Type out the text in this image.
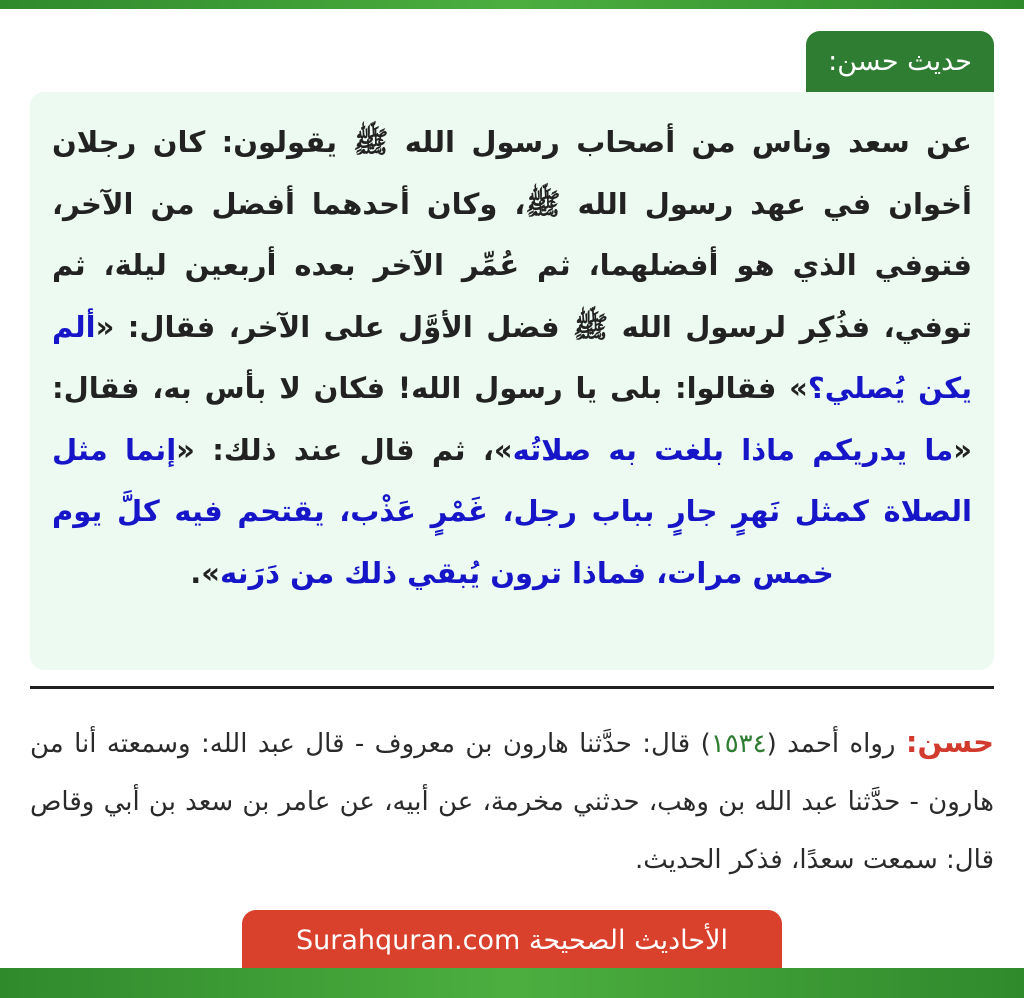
حديث حسن:

عن سعد وناس من أصحاب رسول الله ﷺ يقولون: كان رجلان أخوان في عهد رسول الله ﷺ، وكان أحدهما أفضل من الآخر، فتوفي الذي هو أفضلهما، ثم عُمِّر الآخر بعده أربعين ليلة، ثم توفي، فذُكِر لرسول الله ﷺ فضل الأوَّل على الآخر، فقال: «ألم يكن يُصلي؟» فقالوا: بلى يا رسول الله! فكان لا بأس به، فقال: «ما يدريكم ماذا بلغت به صلاتُه»، ثم قال عند ذلك: «إنما مثل الصلاة كمثل نَهرٍ جارٍ بباب رجل، غَمْرٍ عَذْب، يقتحم فيه كلَّ يوم خمس مرات، فماذا ترون يُبقي ذلك من دَرَنه».

حسن: رواه أحمد (١٥٣٤) قال: حدَّثنا هارون بن معروف - قال عبد الله: وسمعته أنا من هارون - حدَّثنا عبد الله بن وهب، حدثني مخرمة، عن أبيه، عن عامر بن سعد بن أبي وقاص قال: سمعت سعدًا، فذكر الحديث.

الأحاديث الصحيحة Surahquran.com
